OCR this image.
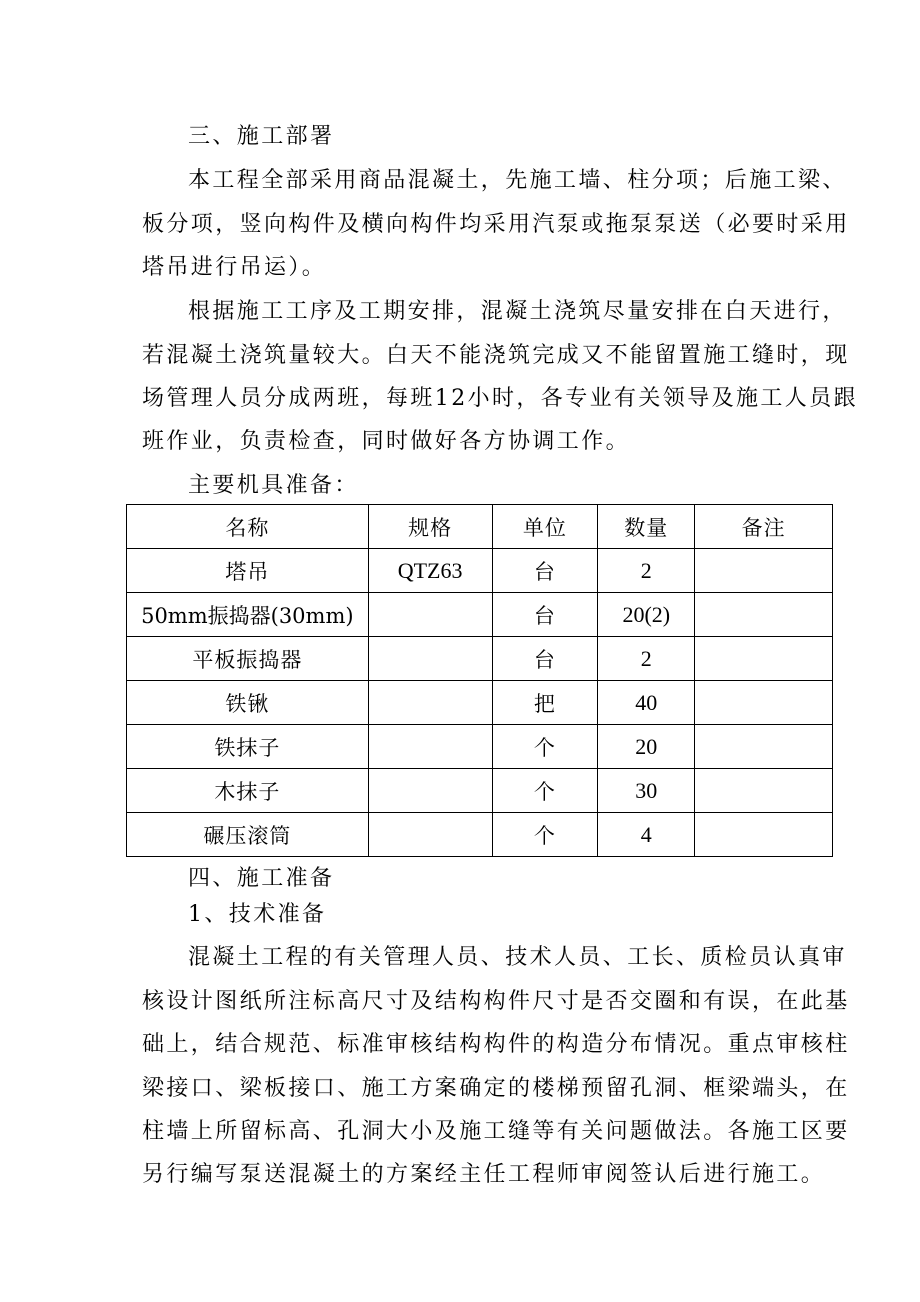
三、施工部署
本工程全部采用商品混凝土，先施工墙、柱分项；后施工梁、
板分项，竖向构件及横向构件均采用汽泵或拖泵泵送（必要时采用
塔吊进行吊运）。
根据施工工序及工期安排，混凝土浇筑尽量安排在白天进行，
若混凝土浇筑量较大。白天不能浇筑完成又不能留置施工缝时，现
场管理人员分成两班，每班12小时，各专业有关领导及施工人员跟
班作业，负责检查，同时做好各方协调工作。
主要机具准备：
名称	规格	单位	数量	备注
塔吊	QTZ63	台	2	
50mm振捣器(30mm)		台	20(2)	
平板振捣器		台	2	
铁锹		把	40	
铁抹子		个	20	
木抹子		个	30	
碾压滚筒		个	4	
四、施工准备
1、技术准备
混凝土工程的有关管理人员、技术人员、工长、质检员认真审
核设计图纸所注标高尺寸及结构构件尺寸是否交圈和有误，在此基
础上，结合规范、标准审核结构构件的构造分布情况。重点审核柱
梁接口、梁板接口、施工方案确定的楼梯预留孔洞、框梁端头，在
柱墙上所留标高、孔洞大小及施工缝等有关问题做法。各施工区要
另行编写泵送混凝土的方案经主任工程师审阅签认后进行施工。
